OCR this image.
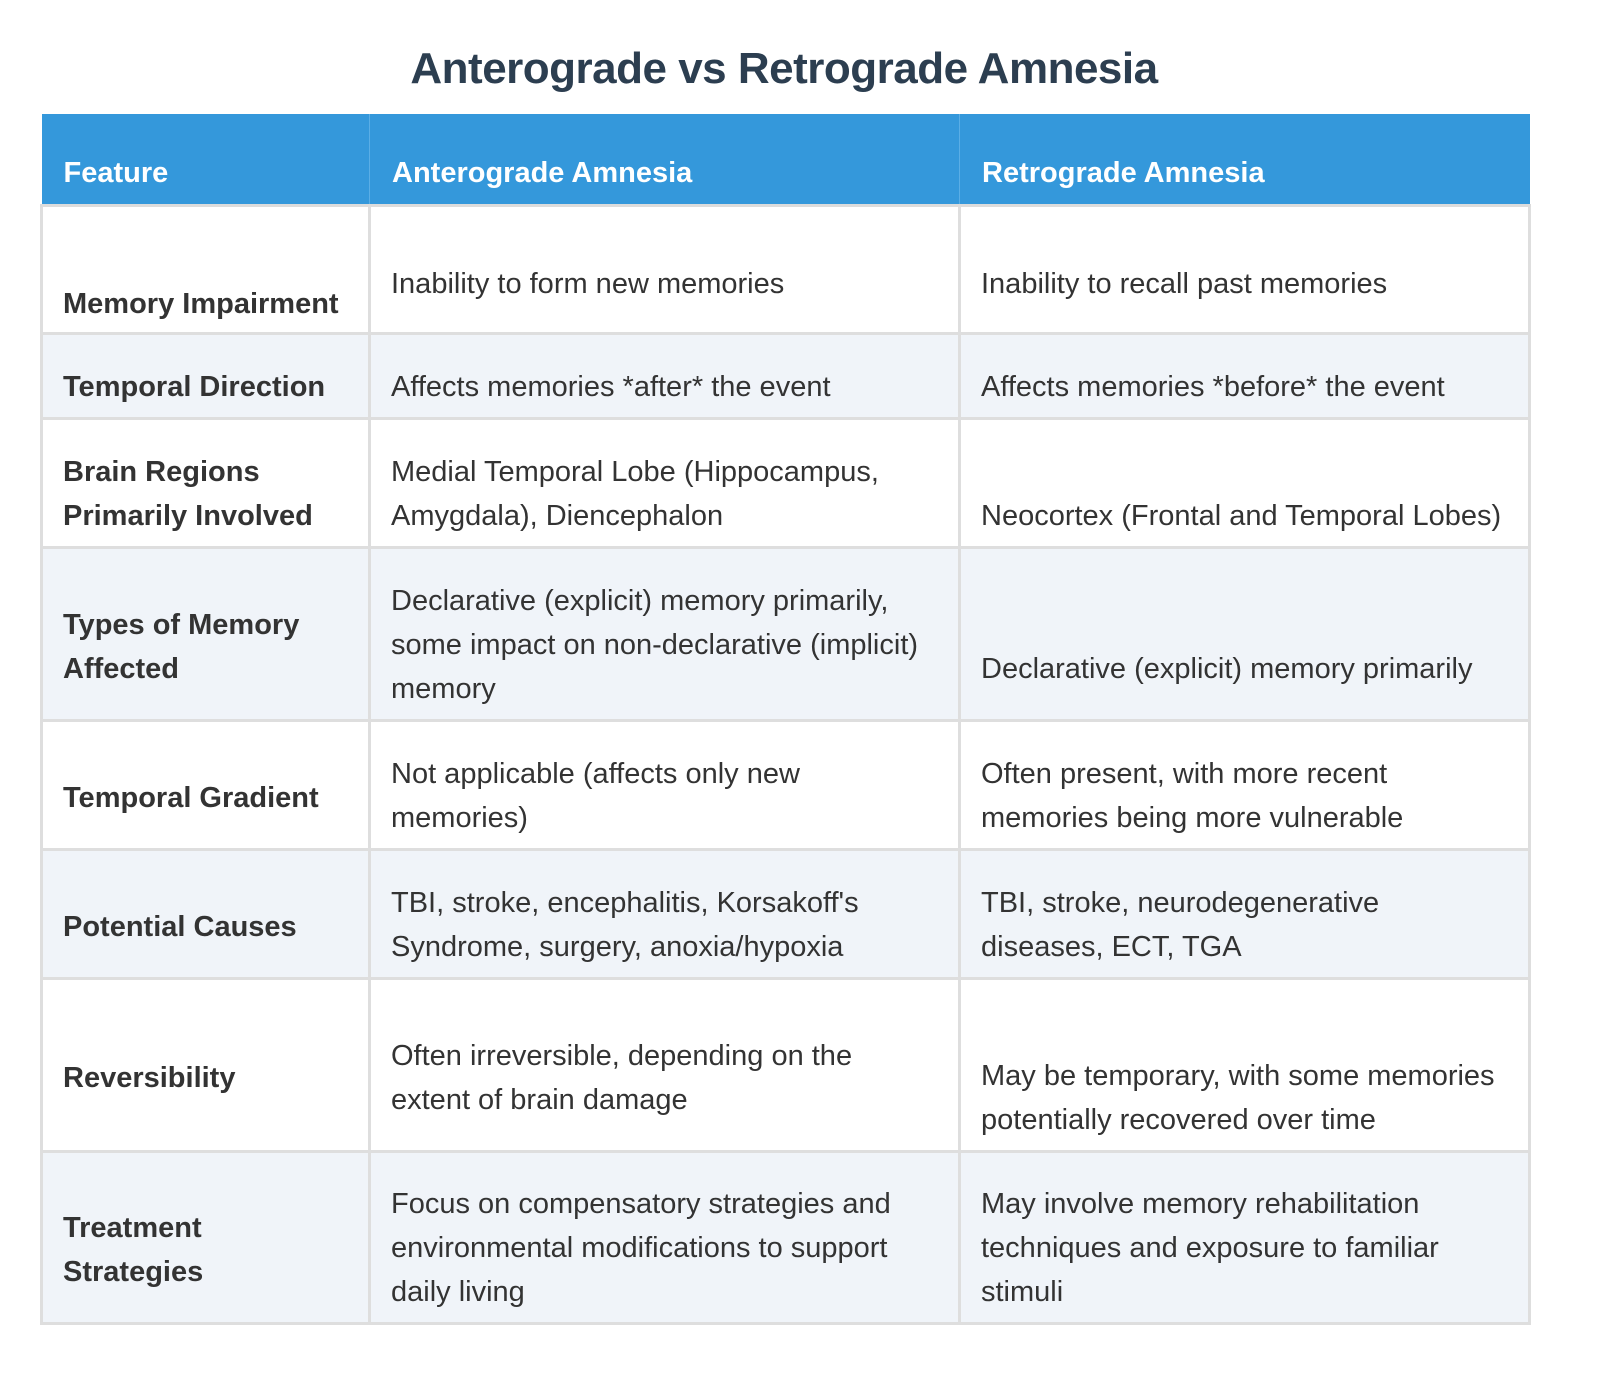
Anterograde vs Retrograde Amnesia
Feature	Anterograde Amnesia	Retrograde Amnesia
Memory Impairment	Inability to form new memories	Inability to recall past memories
Temporal Direction	Affects memories *after* the event	Affects memories *before* the event
Brain Regions Primarily Involved	Medial Temporal Lobe (Hippocampus, Amygdala), Diencephalon	Neocortex (Frontal and Temporal Lobes)
Types of Memory Affected	Declarative (explicit) memory primarily, some impact on non-declarative (implicit) memory	Declarative (explicit) memory primarily
Temporal Gradient	Not applicable (affects only new memories)	Often present, with more recent memories being more vulnerable
Potential Causes	TBI, stroke, encephalitis, Korsakoff's Syndrome, surgery, anoxia/hypoxia	TBI, stroke, neurodegenerative diseases, ECT, TGA
Reversibility	Often irreversible, depending on the extent of brain damage	May be temporary, with some memories potentially recovered over time
Treatment Strategies	Focus on compensatory strategies and environmental modifications to support daily living	May involve memory rehabilitation techniques and exposure to familiar stimuli
